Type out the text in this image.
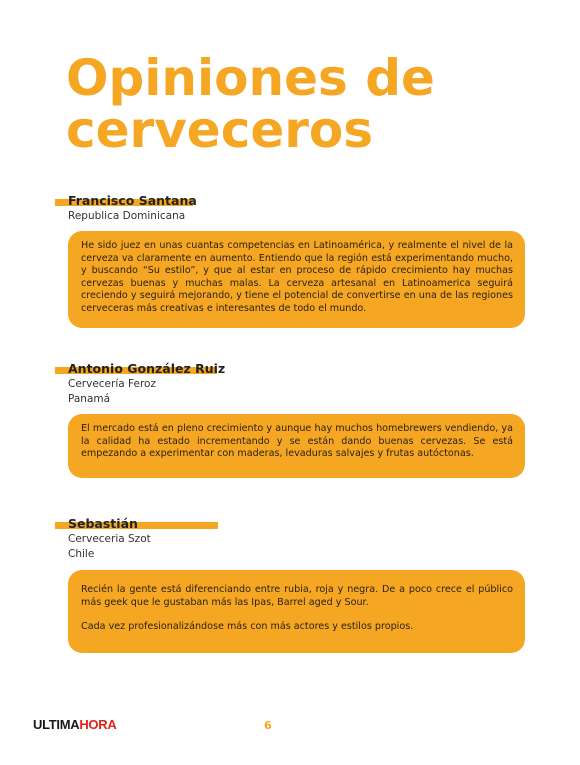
Opiniones de
cerveceros
Francisco Santana
Republica Dominicana

He sido juez en unas cuantas competencias en Latinoamérica, y realmente el nivel de la cerveza va claramente en aumento. Entiendo que la región está experimentando mucho, y buscando “Su estilo”, y que al estar en proceso de rápido crecimiento hay muchas cervezas buenas y muchas malas. La cerveza artesanal en Latinoamerica seguirá creciendo y seguirá mejorando, y tiene el potencial de convertirse en una de las regiones cerveceras más creativas e interesantes de todo el mundo.

Antonio González Ruiz
Cervecería Feroz
Panamá

El mercado está en pleno crecimiento y aunque hay muchos homebrewers vendiendo, ya la calidad ha estado incrementando y se están dando buenas cervezas. Se está empezando a experimentar con maderas, levaduras salvajes y frutas autóctonas.

Sebastián
Cerveceria Szot
Chile

Recién la gente está diferenciando entre rubia, roja y negra. De a poco crece el público más geek que le gustaban más las Ipas, Barrel aged y Sour.

Cada vez profesionalizándose más con más actores y estilos propios.

ULTIMAHORA	6
